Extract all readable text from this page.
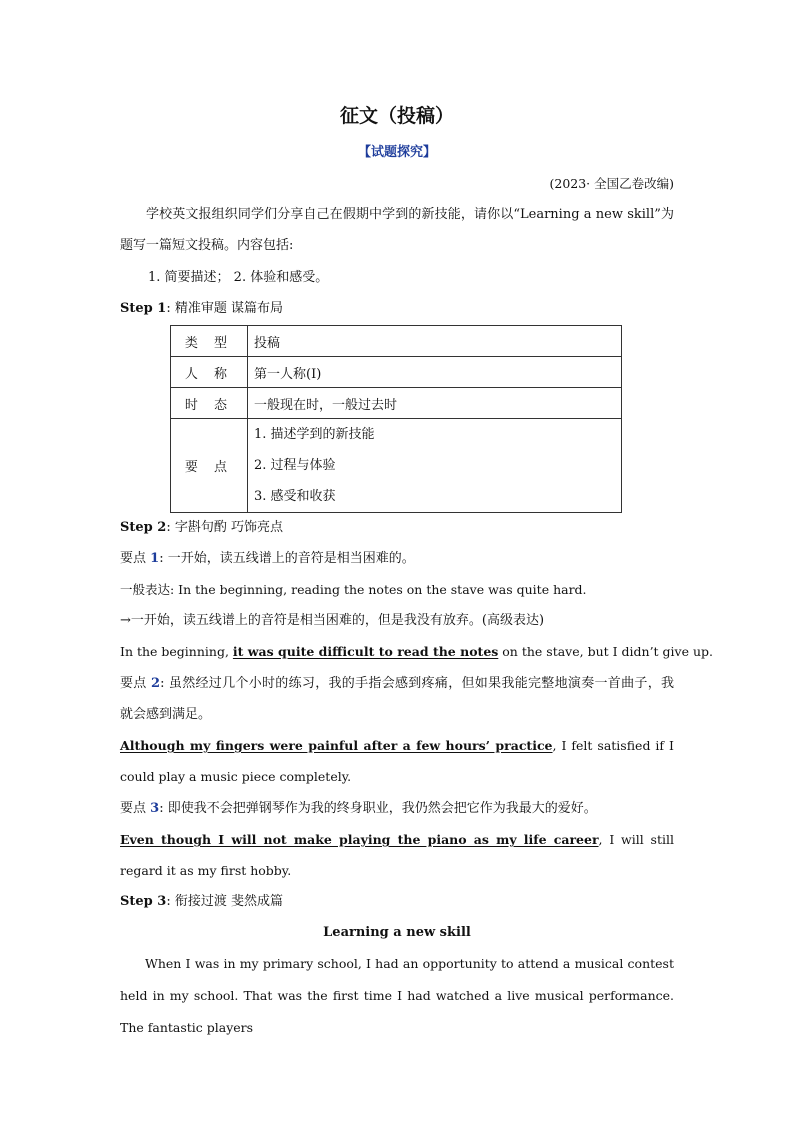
征文（投稿）
【试题探究】
(2023· 全国乙卷改编)
学校英文报组织同学们分享自己在假期中学到的新技能，请你以“Learning a new skill”为题写一篇短文投稿。内容包括:
1. 简要描述； 2. 体验和感受。
Step 1: 精准审题 谋篇布局
类 型	投稿
人 称	第一人称(I)
时 态	一般现在时，一般过去时
要 点	1. 描述学到的新技能
2. 过程与体验
3. 感受和收获
Step 2: 字斟句酌 巧饰亮点
要点 1: 一开始，读五线谱上的音符是相当困难的。
一般表达: In the beginning, reading the notes on the stave was quite hard.
→一开始，读五线谱上的音符是相当困难的，但是我没有放弃。(高级表达)
In the beginning, it was quite difficult to read the notes on the stave, but I didn’t give up.
要点 2: 虽然经过几个小时的练习，我的手指会感到疼痛，但如果我能完整地演奏一首曲子，我就会感到满足。
Although my fingers were painful after a few hours’ practice, I felt satisfied if I could play a music piece completely.
要点 3: 即使我不会把弹钢琴作为我的终身职业，我仍然会把它作为我最大的爱好。
Even though I will not make playing the piano as my life career, I will still regard it as my first hobby.
Step 3: 衔接过渡 斐然成篇
Learning a new skill
When I was in my primary school, I had an opportunity to attend a musical contest held in my school. That was the first time I had watched a live musical performance. The fantastic players
